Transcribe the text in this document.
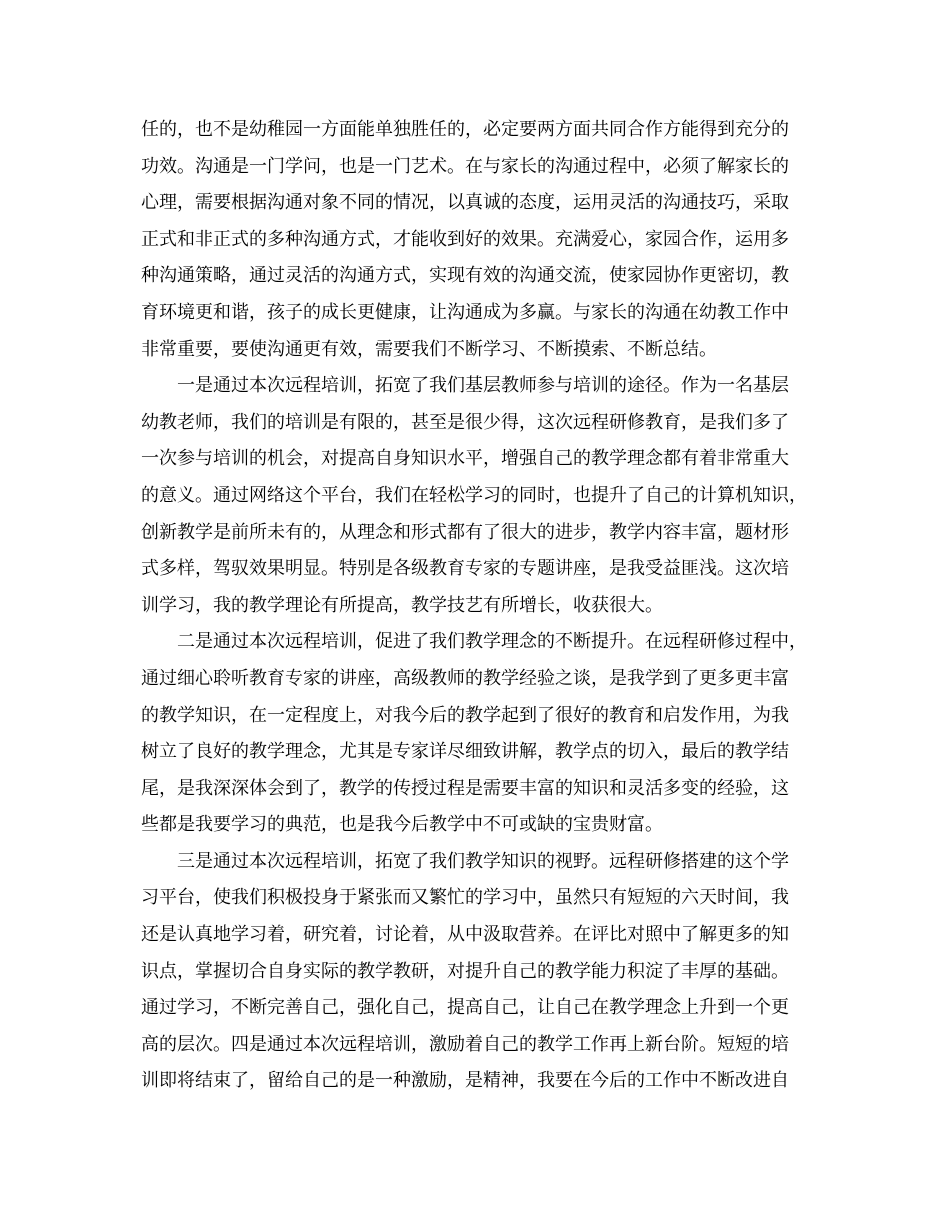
任的，也不是幼稚园一方面能单独胜任的，必定要两方面共同合作方能得到充分的
功效。沟通是一门学问，也是一门艺术。在与家长的沟通过程中，必须了解家长的
心理，需要根据沟通对象不同的情况，以真诚的态度，运用灵活的沟通技巧，采取
正式和非正式的多种沟通方式，才能收到好的效果。充满爱心，家园合作，运用多
种沟通策略，通过灵活的沟通方式，实现有效的沟通交流，使家园协作更密切，教
育环境更和谐，孩子的成长更健康，让沟通成为多赢。与家长的沟通在幼教工作中
非常重要，要使沟通更有效，需要我们不断学习、不断摸索、不断总结。
一是通过本次远程培训，拓宽了我们基层教师参与培训的途径。作为一名基层
幼教老师，我们的培训是有限的，甚至是很少得，这次远程研修教育，是我们多了
一次参与培训的机会，对提高自身知识水平，增强自己的教学理念都有着非常重大
的意义。通过网络这个平台，我们在轻松学习的同时，也提升了自己的计算机知识，
创新教学是前所未有的，从理念和形式都有了很大的进步，教学内容丰富，题材形
式多样，驾驭效果明显。特别是各级教育专家的专题讲座，是我受益匪浅。这次培
训学习，我的教学理论有所提高，教学技艺有所增长，收获很大。
二是通过本次远程培训，促进了我们教学理念的不断提升。在远程研修过程中，
通过细心聆听教育专家的讲座，高级教师的教学经验之谈，是我学到了更多更丰富
的教学知识，在一定程度上，对我今后的教学起到了很好的教育和启发作用，为我
树立了良好的教学理念，尤其是专家详尽细致讲解，教学点的切入，最后的教学结
尾，是我深深体会到了，教学的传授过程是需要丰富的知识和灵活多变的经验，这
些都是我要学习的典范，也是我今后教学中不可或缺的宝贵财富。
三是通过本次远程培训，拓宽了我们教学知识的视野。远程研修搭建的这个学
习平台，使我们积极投身于紧张而又繁忙的学习中，虽然只有短短的六天时间，我
还是认真地学习着，研究着，讨论着，从中汲取营养。在评比对照中了解更多的知
识点，掌握切合自身实际的教学教研，对提升自己的教学能力积淀了丰厚的基础。
通过学习，不断完善自己，强化自己，提高自己，让自己在教学理念上升到一个更
高的层次。四是通过本次远程培训，激励着自己的教学工作再上新台阶。短短的培
训即将结束了，留给自己的是一种激励，是精神，我要在今后的工作中不断改进自
